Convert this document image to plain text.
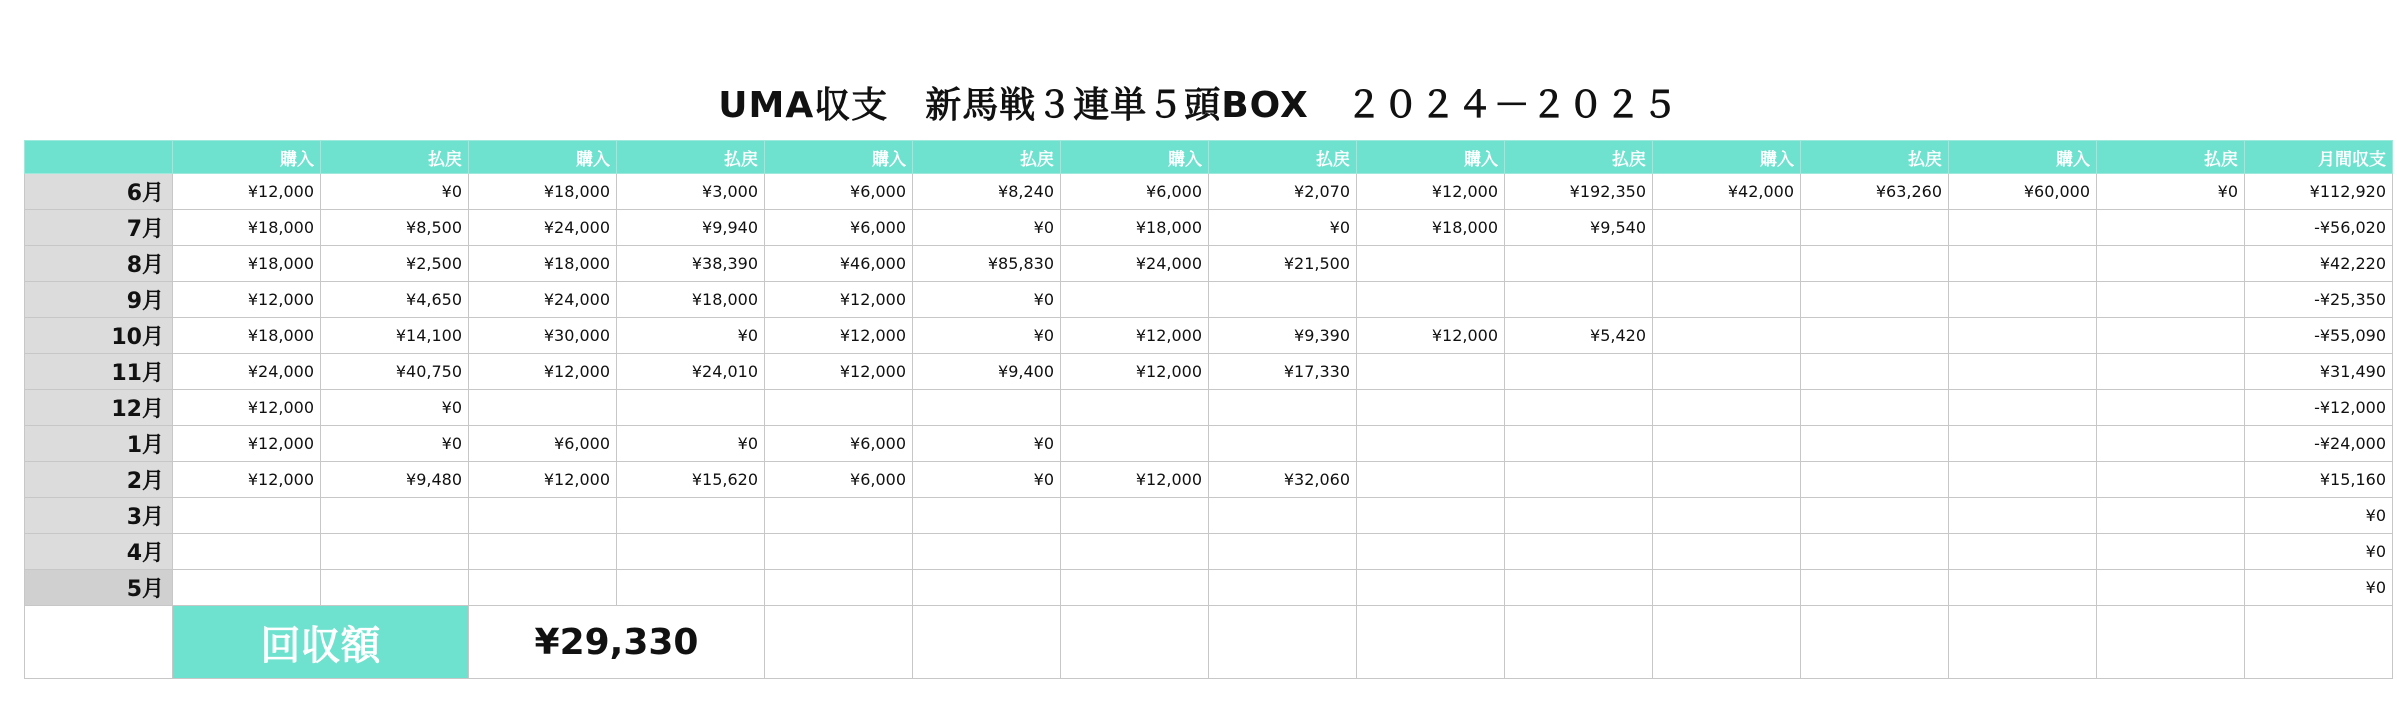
UMA収支　新馬戦３連単５頭BOX　２０２４－２０２５
	購入	払戻	購入	払戻	購入	払戻	購入	払戻	購入	払戻	購入	払戻	購入	払戻	月間収支
6月	¥12,000	¥0	¥18,000	¥3,000	¥6,000	¥8,240	¥6,000	¥2,070	¥12,000	¥192,350	¥42,000	¥63,260	¥60,000	¥0	¥112,920
7月	¥18,000	¥8,500	¥24,000	¥9,940	¥6,000	¥0	¥18,000	¥0	¥18,000	¥9,540					-¥56,020
8月	¥18,000	¥2,500	¥18,000	¥38,390	¥46,000	¥85,830	¥24,000	¥21,500							¥42,220
9月	¥12,000	¥4,650	¥24,000	¥18,000	¥12,000	¥0									-¥25,350
10月	¥18,000	¥14,100	¥30,000	¥0	¥12,000	¥0	¥12,000	¥9,390	¥12,000	¥5,420					-¥55,090
11月	¥24,000	¥40,750	¥12,000	¥24,010	¥12,000	¥9,400	¥12,000	¥17,330							¥31,490
12月	¥12,000	¥0													-¥12,000
1月	¥12,000	¥0	¥6,000	¥0	¥6,000	¥0									-¥24,000
2月	¥12,000	¥9,480	¥12,000	¥15,620	¥6,000	¥0	¥12,000	¥32,060							¥15,160
3月															¥0
4月															¥0
5月															¥0
	回収額		¥29,330												
